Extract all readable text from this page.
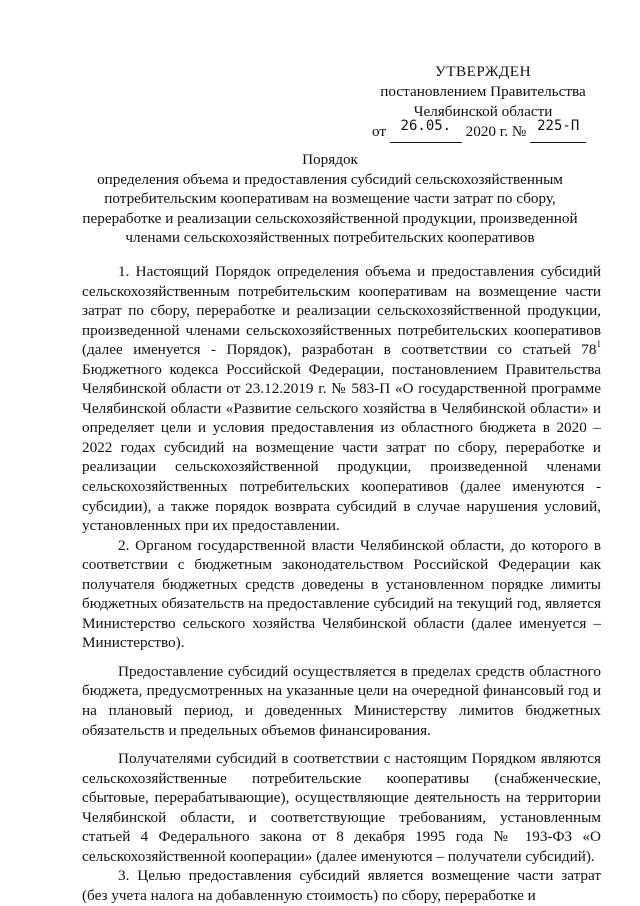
УТВЕРЖДЕН
постановлением Правительства
Челябинской области
от 26.05. 2020 г. № 225-П
Порядок
определения объема и предоставления субсидий сельскохозяйственным
потребительским кооперативам на возмещение части затрат по сбору,
переработке и реализации сельскохозяйственной продукции, произведенной
членами сельскохозяйственных потребительских кооперативов

1. Настоящий Порядок определения объема и предоставления субсидий сельскохозяйственным потребительским кооперативам на возмещение части затрат по сбору, переработке и реализации сельскохозяйственной продукции, произведенной членами сельскохозяйственных потребительских кооперативов (далее именуется - Порядок), разработан в соответствии со статьей $78^1$ Бюджетного кодекса Российской Федерации, постановлением Правительства Челябинской области от 23.12.2019 г. № 583-П «О государственной программе Челябинской области «Развитие сельского хозяйства в Челябинской области» и определяет цели и условия предоставления из областного бюджета в 2020 – 2022 годах субсидий на возмещение части затрат по сбору, переработке и реализации сельскохозяйственной продукции, произведенной членами сельскохозяйственных потребительских кооперативов (далее именуются - субсидии), а также порядок возврата субсидий в случае нарушения условий, установленных при их предоставлении.

2. Органом государственной власти Челябинской области, до которого в соответствии с бюджетным законодательством Российской Федерации как получателя бюджетных средств доведены в установленном порядке лимиты бюджетных обязательств на предоставление субсидий на текущий год, является Министерство сельского хозяйства Челябинской области (далее именуется – Министерство).

Предоставление субсидий осуществляется в пределах средств областного бюджета, предусмотренных на указанные цели на очередной финансовый год и на плановый период, и доведенных Министерству лимитов бюджетных обязательств и предельных объемов финансирования.

Получателями субсидий в соответствии с настоящим Порядком являются сельскохозяйственные потребительские кооперативы (снабженческие, сбытовые, перерабатывающие), осуществляющие деятельность на территории Челябинской области, и соответствующие требованиям, установленным статьей 4 Федерального закона от 8 декабря 1995 года № 193-ФЗ «О сельскохозяйственной кооперации» (далее именуются – получатели субсидий).

3. Целью предоставления субсидий является возмещение части затрат (без учета налога на добавленную стоимость) по сбору, переработке и
